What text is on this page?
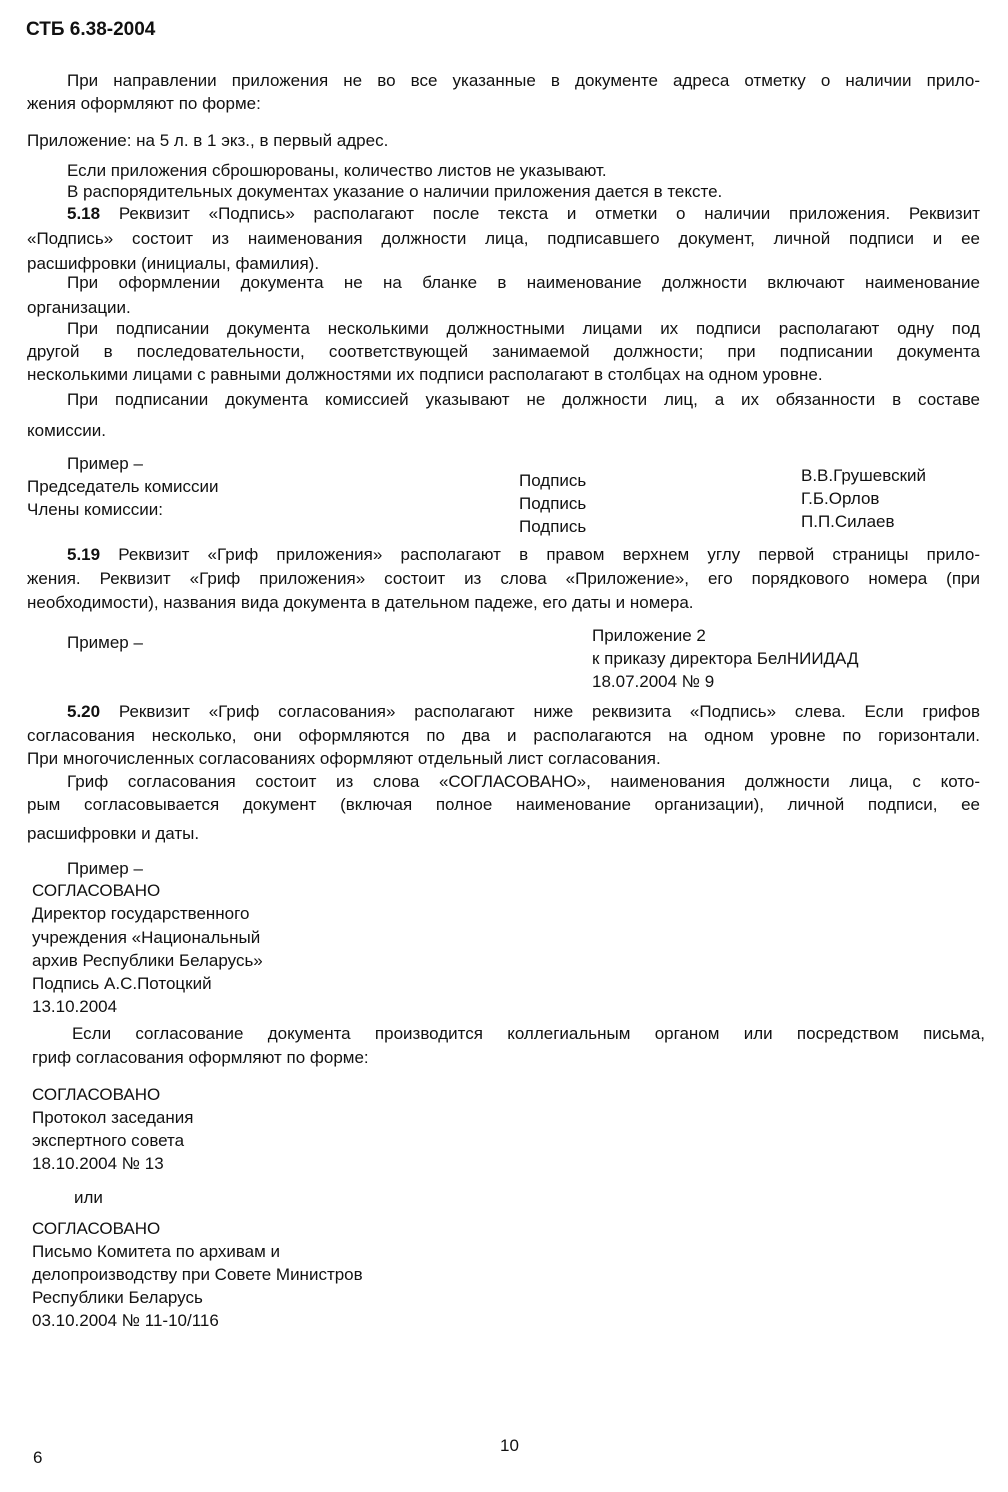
СТБ 6.38-2004
При направлении приложения не во все указанные в документе адреса отметку о наличии прило-
жения оформляют по форме:
Приложение: на 5 л. в 1 экз., в первый адрес.
Если приложения сброшюрованы, количество листов не указывают.
В распорядительных документах указание о наличии приложения дается в тексте.
5.18 Реквизит «Подпись» располагают после текста и отметки о наличии приложения. Реквизит
«Подпись» состоит из наименования должности лица, подписавшего документ, личной подписи и ее
расшифровки (инициалы, фамилия).
При оформлении документа не на бланке в наименование должности включают наименование
организации.
При подписании документа несколькими должностными лицами их подписи располагают одну под
другой в последовательности, соответствующей занимаемой должности; при подписании документа
несколькими лицами с равными должностями их подписи располагают в столбцах на одном уровне.
При подписании документа комиссией указывают не должности лиц, а их обязанности в составе
комиссии.
Пример –
Председатель комиссии
Члены комиссии:
Подпись
Подпись
Подпись
В.В.Грушевский
Г.Б.Орлов
П.П.Силаев
5.19 Реквизит «Гриф приложения» располагают в правом верхнем углу первой страницы прило-
жения. Реквизит «Гриф приложения» состоит из слова «Приложение», его порядкового номера (при
необходимости), названия вида документа в дательном падеже, его даты и номера.
Пример –	Приложение 2
к приказу директора БелНИИДАД
18.07.2004 № 9
5.20 Реквизит «Гриф согласования» располагают ниже реквизита «Подпись» слева. Если грифов
согласования несколько, они оформляются по два и располагаются на одном уровне по горизонтали.
При многочисленных согласованиях оформляют отдельный лист согласования.
Гриф согласования состоит из слова «СОГЛАСОВАНО», наименования должности лица, с кото-
рым согласовывается документ (включая полное наименование организации), личной подписи, ее
расшифровки и даты.
Пример –
СОГЛАСОВАНО
Директор государственного
учреждения «Национальный
архив Республики Беларусь»
Подпись А.С.Потоцкий
13.10.2004
Если согласование документа производится коллегиальным органом или посредством письма,
гриф согласования оформляют по форме:
СОГЛАСОВАНО
Протокол заседания
экспертного совета
18.10.2004 № 13
или
СОГЛАСОВАНО
Письмо Комитета по архивам и
делопроизводству при Совете Министров
Республики Беларусь
03.10.2004 № 11-10/116
6
10
